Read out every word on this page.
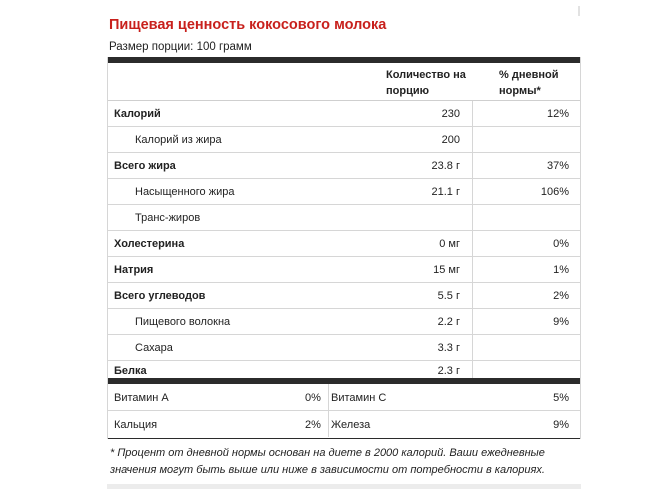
Пищевая ценность кокосового молока
Размер порции: 100 грамм
Количество на порцию
% дневной нормы*
Калорий	230	12%
Калорий из жира	200
Всего жира	23.8 г	37%
Насыщенного жира	21.1 г	106%
Транс-жиров
Холестерина	0 мг	0%
Натрия	15 мг	1%
Всего углеводов	5.5 г	2%
Пищевого волокна	2.2 г	9%
Сахара	3.3 г
Белка	2.3 г
Витамин A	0% Витамин C	5%
Кальция	2% Железа	9%
* Процент от дневной нормы основан на диете в 2000 калорий. Ваши ежедневные значения могут быть выше или ниже в зависимости от потребности в калориях.
